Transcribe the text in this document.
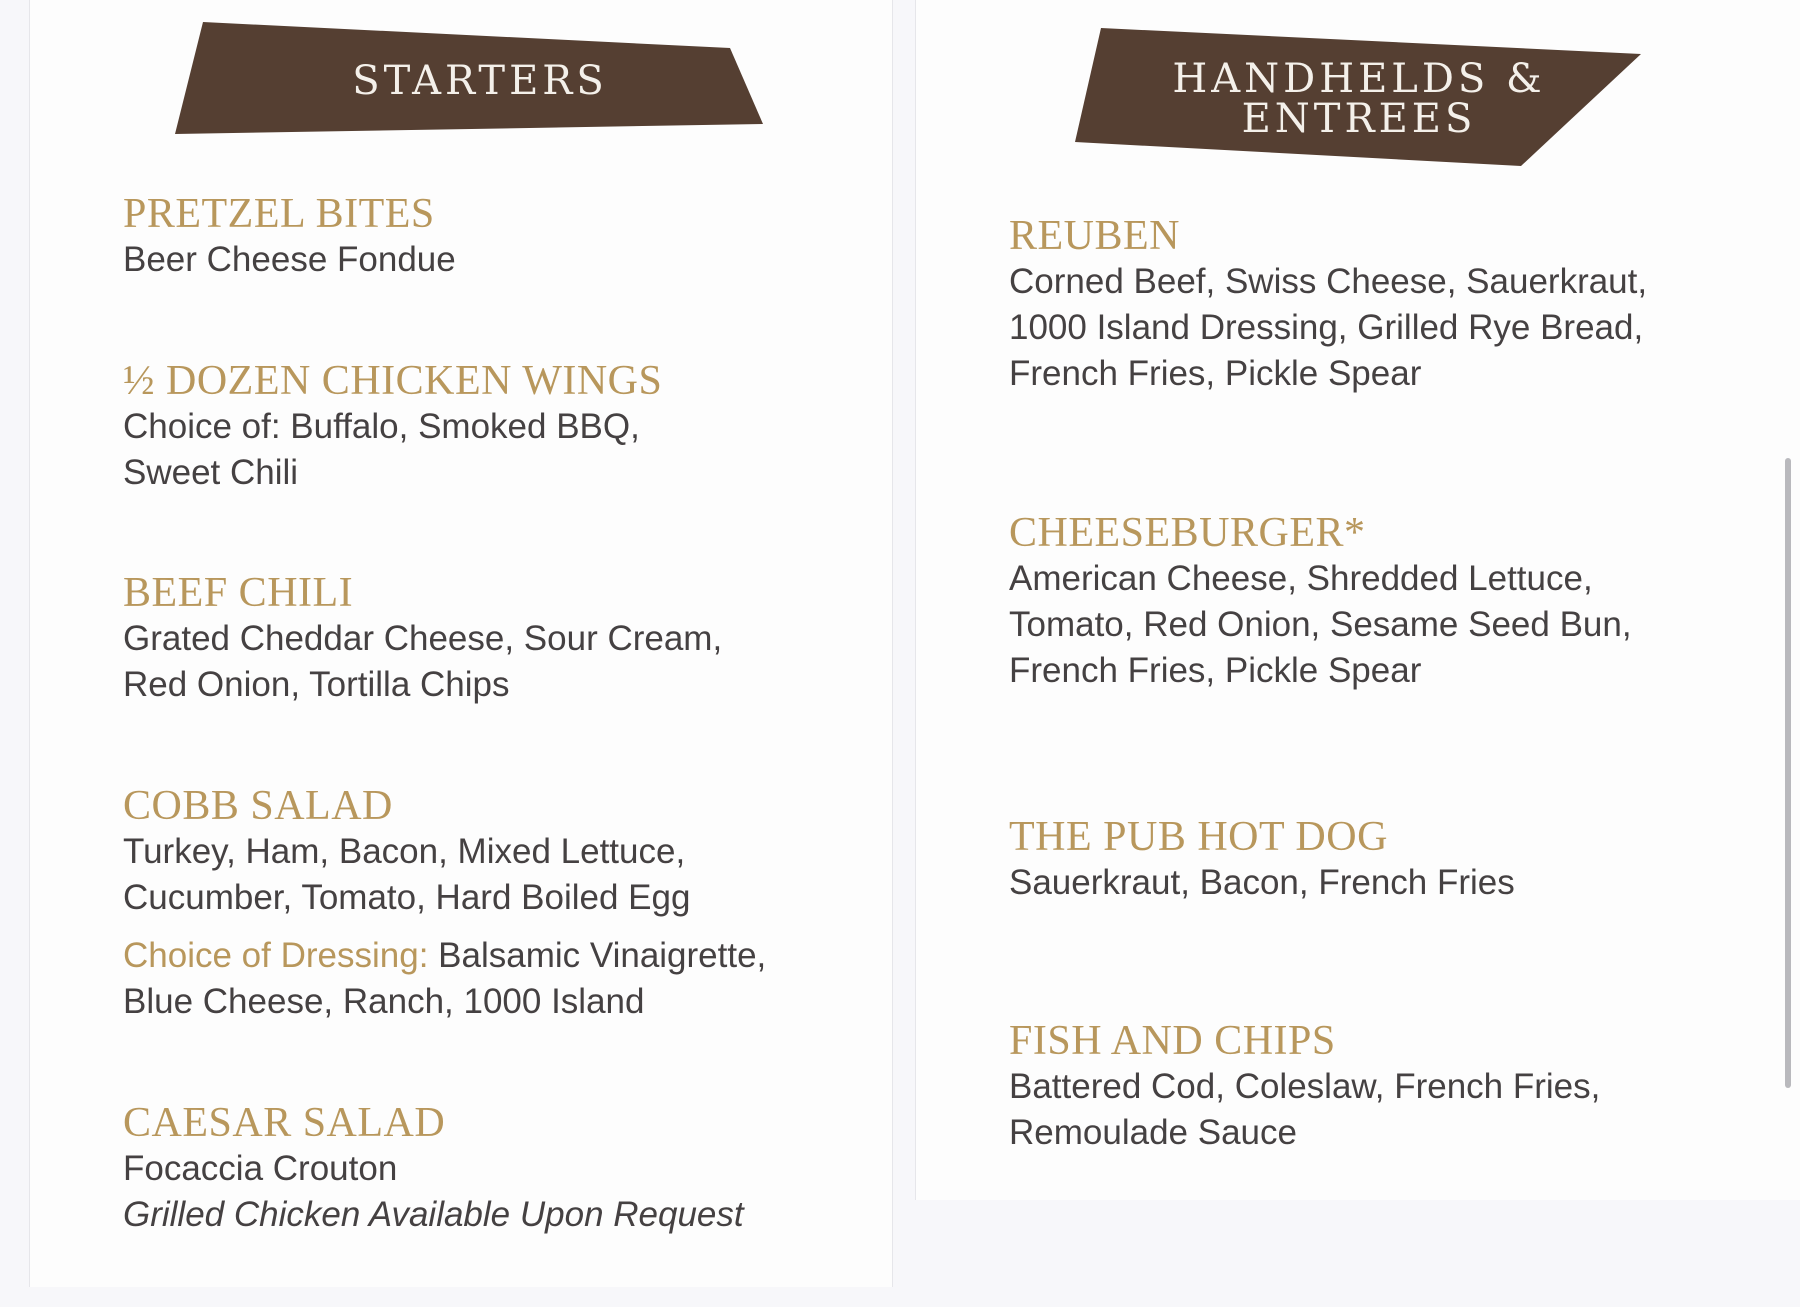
STARTERS
PRETZEL BITES
Beer Cheese Fondue
½ DOZEN CHICKEN WINGS
Choice of: Buffalo, Smoked BBQ,
Sweet Chili
BEEF CHILI
Grated Cheddar Cheese, Sour Cream,
Red Onion, Tortilla Chips
COBB SALAD
Turkey, Ham, Bacon, Mixed Lettuce,
Cucumber, Tomato, Hard Boiled Egg
Choice of Dressing: Balsamic Vinaigrette,
Blue Cheese, Ranch, 1000 Island
CAESAR SALAD
Focaccia Crouton
Grilled Chicken Available Upon Request
HANDHELDS &
ENTREES
REUBEN
Corned Beef, Swiss Cheese, Sauerkraut,
1000 Island Dressing, Grilled Rye Bread,
French Fries, Pickle Spear
CHEESEBURGER*
American Cheese, Shredded Lettuce,
Tomato, Red Onion, Sesame Seed Bun,
French Fries, Pickle Spear
THE PUB HOT DOG
Sauerkraut, Bacon, French Fries
FISH AND CHIPS
Battered Cod, Coleslaw, French Fries,
Remoulade Sauce
